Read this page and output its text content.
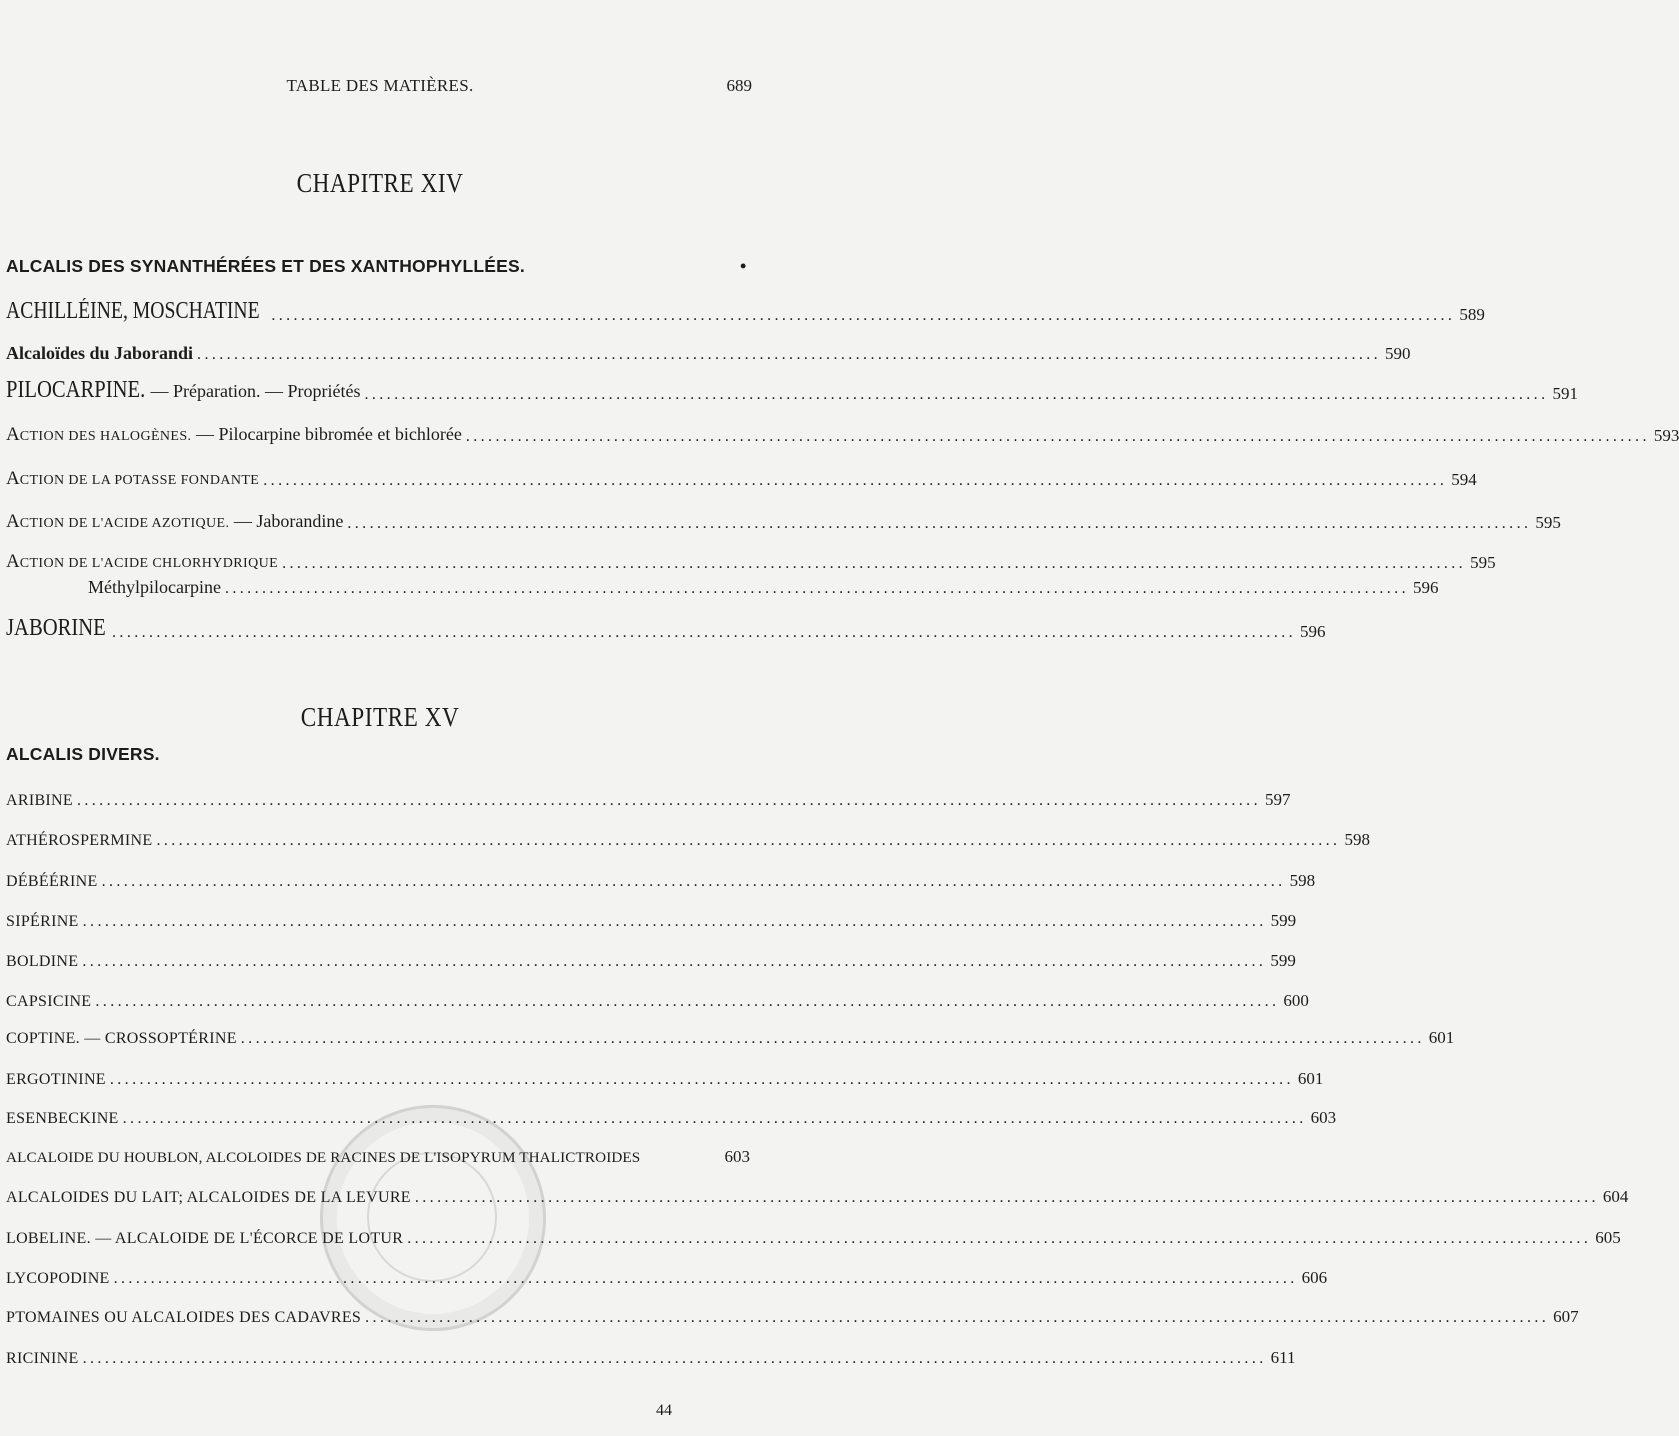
TABLE DES MATIÈRES.	689
CHAPITRE XIV
ALCALIS DES SYNANTHÉRÉES ET DES XANTHOPHYLLÉES.	•
ACHILLÉINE, MOSCHATINE ................................................................................................................................................................ 589
Alcaloïdes du Jaborandi ................................................................................................................................................................ 590
PILOCARPINE. — Préparation. — Propriétés ................................................................................................................................................................ 591
ACTION DES HALOGÈNES. — Pilocarpine bibromée et bichlorée ................................................................................................................................................................ 593
ACTION DE LA POTASSE FONDANTE ................................................................................................................................................................ 594
ACTION DE L'ACIDE AZOTIQUE. — Jaborandine ................................................................................................................................................................ 595
ACTION DE L'ACIDE CHLORHYDRIQUE ................................................................................................................................................................ 595
Méthylpilocarpine ................................................................................................................................................................ 596
JABORINE ................................................................................................................................................................ 596
CHAPITRE XV
ALCALIS DIVERS.
ARIBINE ................................................................................................................................................................ 597
ATHÉROSPERMINE ................................................................................................................................................................ 598
DÉBÉÉRINE ................................................................................................................................................................ 598
SIPÉRINE ................................................................................................................................................................ 599
BOLDINE ................................................................................................................................................................ 599
CAPSICINE ................................................................................................................................................................ 600
COPTINE. — CROSSOPTÉRINE ................................................................................................................................................................ 601
ERGOTININE ................................................................................................................................................................ 601
ESENBECKINE ................................................................................................................................................................ 603
ALCALOIDE DU HOUBLON, ALCOLOIDES DE RACINES DE L'ISOPYRUM THALICTROIDES	603
ALCALOIDES DU LAIT; ALCALOIDES DE LA LEVURE ................................................................................................................................................................ 604
LOBELINE. — ALCALOIDE DE L'ÉCORCE DE LOTUR ................................................................................................................................................................ 605
LYCOPODINE ................................................................................................................................................................ 606
PTOMAINES OU ALCALOIDES DES CADAVRES ................................................................................................................................................................ 607
RICININE ................................................................................................................................................................ 611
44
